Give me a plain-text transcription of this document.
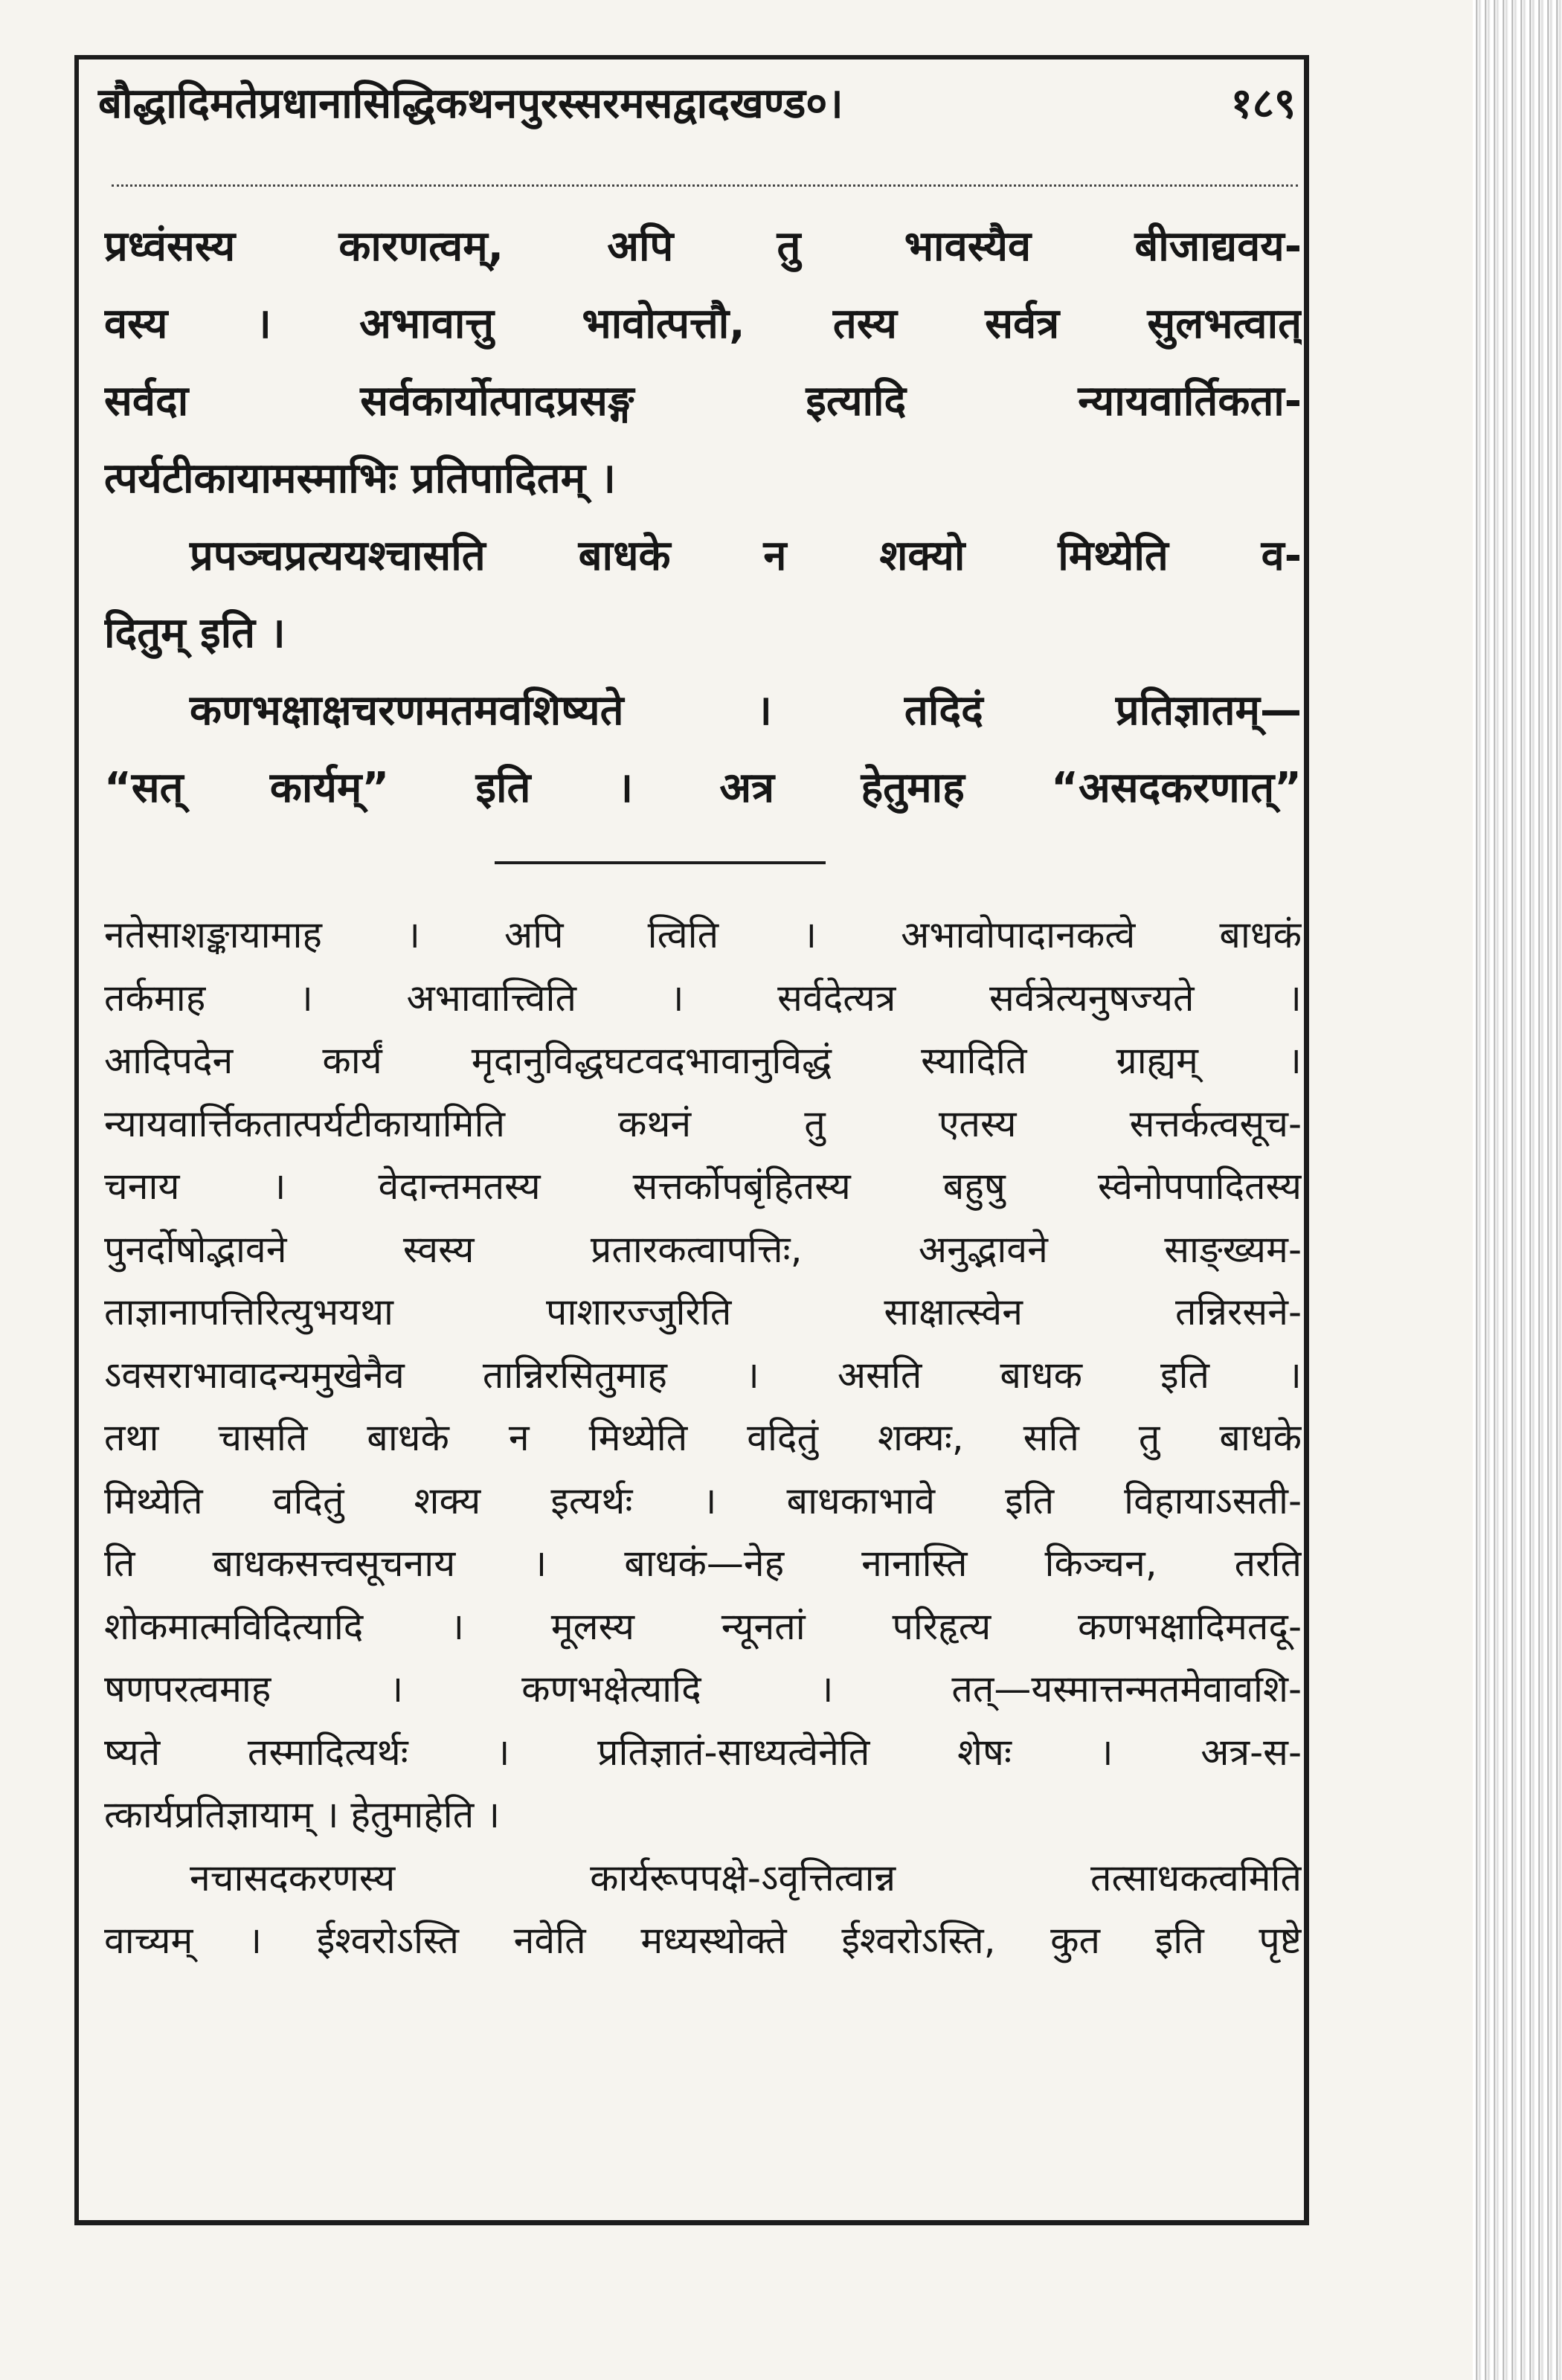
बौद्धादिमतेप्रधानासिद्धिकथनपुरस्सरमसद्वादखण्ड०।	१८९

प्रध्वंसस्य कारणत्वम्, अपि तु भावस्यैव बीजाद्यवय-
वस्य । अभावात्तु भावोत्पत्तौ, तस्य सर्वत्र सुलभत्वात्
सर्वदा सर्वकार्योत्पादप्रसङ्ग इत्यादि न्यायवार्तिकता-
त्पर्यटीकायामस्माभिः प्रतिपादितम् ।

प्रपञ्चप्रत्ययश्चासति बाधके न शक्यो मिथ्येति व-
दितुम् इति ।

कणभक्षाक्षचरणमतमवशिष्यते । तदिदं प्रतिज्ञातम्—
“सत् कार्यम्” इति । अत्र हेतुमाह “असदकरणात्”

नतेसाशङ्कायामाह । अपि त्विति । अभावोपादानकत्वे बाधकं
तर्कमाह । अभावात्त्विति । सर्वदेत्यत्र सर्वत्रेत्यनुषज्यते ।
आदिपदेन कार्यं मृदानुविद्धघटवदभावानुविद्धं स्यादिति ग्राह्यम् ।
न्यायवार्त्तिकतात्पर्यटीकायामिति कथनं तु एतस्य सत्तर्कत्वसूच-
चनाय । वेदान्तमतस्य सत्तर्कोपबृंहितस्य बहुषु स्वेनोपपादितस्य
पुनर्दोषोद्भावने स्वस्य प्रतारकत्वापत्तिः, अनुद्भावने साङ्ख्यम-
ताज्ञानापत्तिरित्युभयथा पाशारज्जुरिति साक्षात्स्वेन तन्निरसने-
ऽवसराभावादन्यमुखेनैव तान्निरसितुमाह । असति बाधक इति ।
तथा चासति बाधके न मिथ्येति वदितुं शक्यः, सति तु बाधके
मिथ्येति वदितुं शक्य इत्यर्थः । बाधकाभावे इति विहायाऽसती-
ति बाधकसत्त्वसूचनाय । बाधकं—नेह नानास्ति किञ्चन, तरति
शोकमात्मविदित्यादि । मूलस्य न्यूनतां परिहृत्य कणभक्षादिमतदू-
षणपरत्वमाह । कणभक्षेत्यादि । तत्—यस्मात्तन्मतमेवावशि-
ष्यते तस्मादित्यर्थः । प्रतिज्ञातं-साध्यत्वेनेति शेषः । अत्र-स-
त्कार्यप्रतिज्ञायाम् । हेतुमाहेति ।
नचासदकरणस्य कार्यरूपपक्षे-ऽवृत्तित्वान्न तत्साधकत्वमिति
वाच्यम् । ईश्वरोऽस्ति नवेति मध्यस्थोक्ते ईश्वरोऽस्ति, कुत इति पृष्टे
